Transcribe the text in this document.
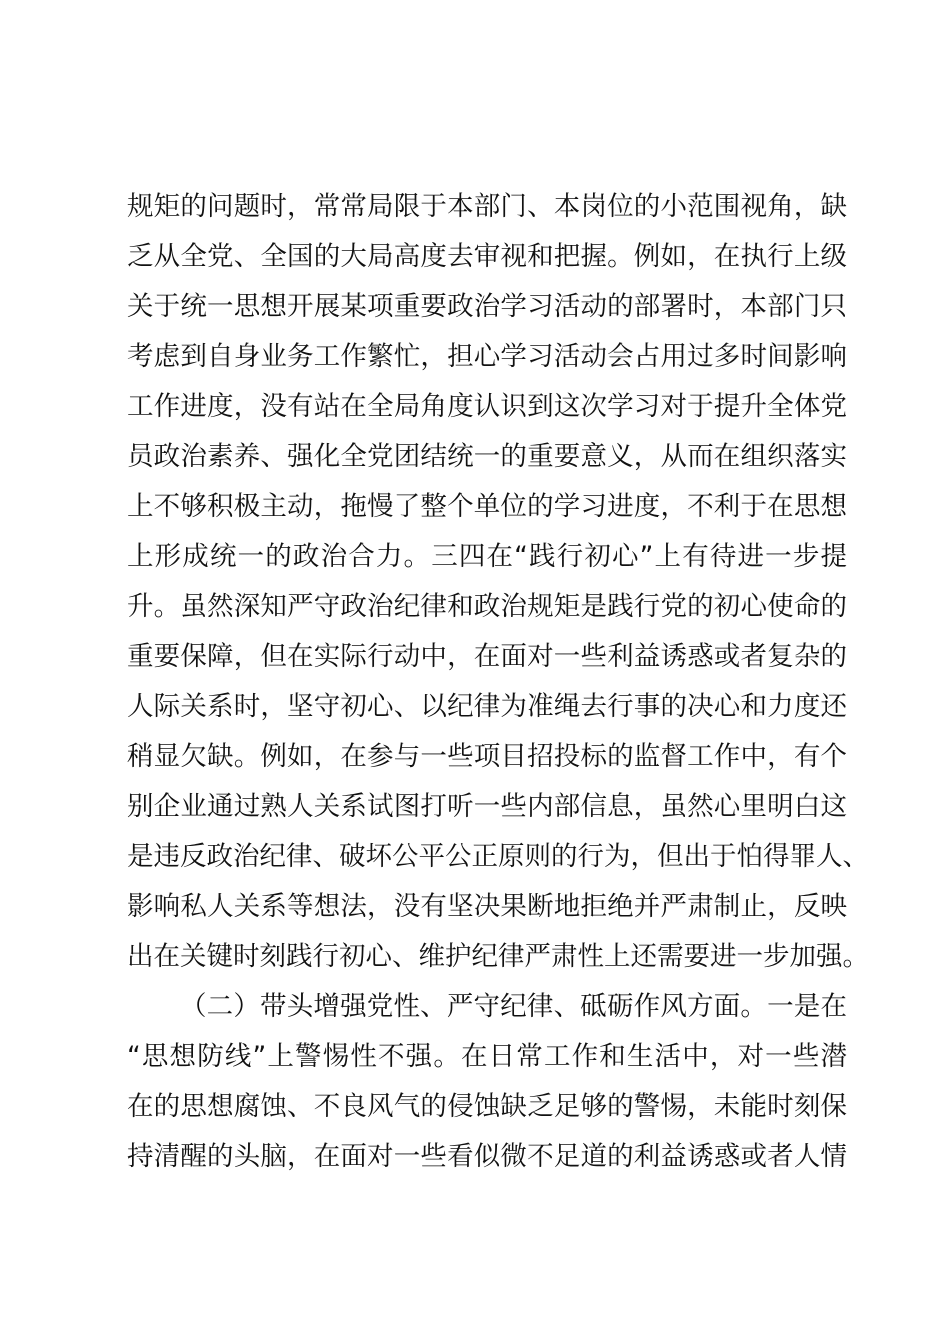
规矩的问题时，常常局限于本部门、本岗位的小范围视角，缺
乏从全党、全国的大局高度去审视和把握。例如，在执行上级
关于统一思想开展某项重要政治学习活动的部署时，本部门只
考虑到自身业务工作繁忙，担心学习活动会占用过多时间影响
工作进度，没有站在全局角度认识到这次学习对于提升全体党
员政治素养、强化全党团结统一的重要意义，从而在组织落实
上不够积极主动，拖慢了整个单位的学习进度，不利于在思想
上形成统一的政治合力。三四在“践行初心”上有待进一步提
升。虽然深知严守政治纪律和政治规矩是践行党的初心使命的
重要保障，但在实际行动中，在面对一些利益诱惑或者复杂的
人际关系时，坚守初心、以纪律为准绳去行事的决心和力度还
稍显欠缺。例如，在参与一些项目招投标的监督工作中，有个
别企业通过熟人关系试图打听一些内部信息，虽然心里明白这
是违反政治纪律、破坏公平公正原则的行为，但出于怕得罪人、
影响私人关系等想法，没有坚决果断地拒绝并严肃制止，反映
出在关键时刻践行初心、维护纪律严肃性上还需要进一步加强。
（二）带头增强党性、严守纪律、砥砺作风方面。一是在
“思想防线”上警惕性不强。在日常工作和生活中，对一些潜
在的思想腐蚀、不良风气的侵蚀缺乏足够的警惕，未能时刻保
持清醒的头脑，在面对一些看似微不足道的利益诱惑或者人情
